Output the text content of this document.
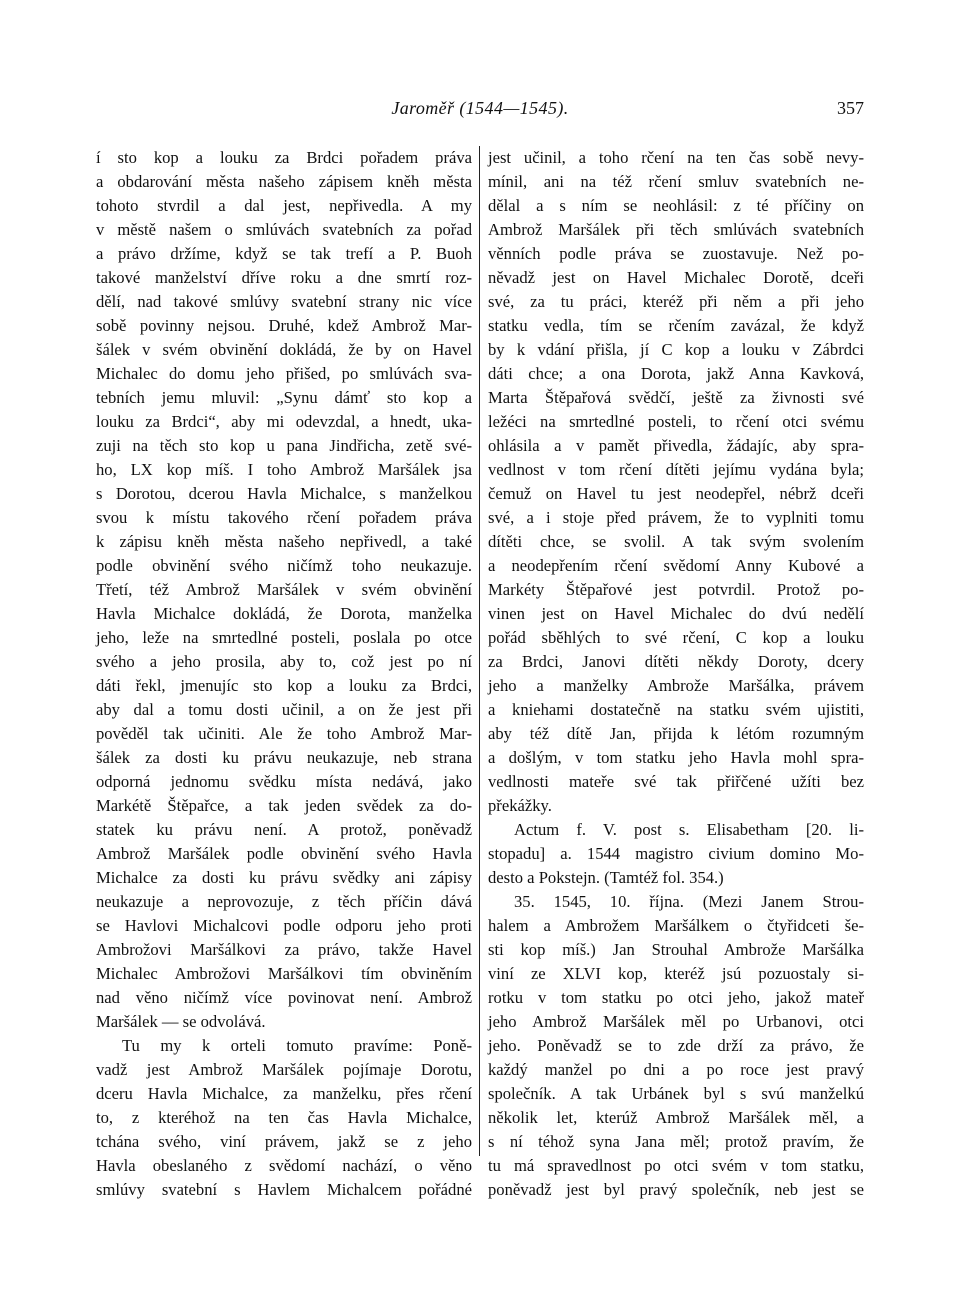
Jaroměř (1544—1545).	357

í sto kop a louku za Brdci pořadem práva

a obdarování města našeho zápisem kněh města

tohoto stvrdil a dal jest, nepřivedla. A my

v městě našem o smlúvách svatebních za pořad

a právo držíme, když se tak trefí a P. Buoh

takové manželství dříve roku a dne smrtí roz-

dělí, nad takové smlúvy svatební strany nic více

sobě povinny nejsou. Druhé, kdež Ambrož Mar-

šálek v svém obvinění dokládá, že by on Havel

Michalec do domu jeho přišed, po smlúvách sva-

tebních jemu mluvil: „Synu dámť sto kop a

louku za Brdci“, aby mi odevzdal, a hnedt, uka-

zuji na těch sto kop u pana Jindřicha, zetě své-

ho, LX kop míš. I toho Ambrož Maršálek jsa

s Dorotou, dcerou Havla Michalce, s manželkou

svou k místu takového rčení pořadem práva

k zápisu kněh města našeho nepřivedl, a také

podle obvinění svého ničímž toho neukazuje.

Třetí, též Ambrož Maršálek v svém obvinění

Havla Michalce dokládá, že Dorota, manželka

jeho, leže na smrtedlné posteli, poslala po otce

svého a jeho prosila, aby to, což jest po ní

dáti řekl, jmenujíc sto kop a louku za Brdci,

aby dal a tomu dosti učinil, a on že jest při

pověděl tak učiniti. Ale že toho Ambrož Mar-

šálek za dosti ku právu neukazuje, neb strana

odporná jednomu svědku místa nedává, jako

Markétě Štěpařce, a tak jeden svědek za do-

statek ku právu není. A protož, poněvadž

Ambrož Maršálek podle obvinění svého Havla

Michalce za dosti ku právu svědky ani zápisy

neukazuje a neprovozuje, z těch příčin dává

se Havlovi Michalcovi podle odporu jeho proti

Ambrožovi Maršálkovi za právo, takže Havel

Michalec Ambrožovi Maršálkovi tím obviněním

nad věno ničímž více povinovat není. Ambrož

Maršálek — se odvolává.

Tu my k orteli tomuto pravíme: Poně-

vadž jest Ambrož Maršálek pojímaje Dorotu,

dceru Havla Michalce, za manželku, přes rčení

to, z kteréhož na ten čas Havla Michalce,

tchána svého, viní právem, jakž se z jeho

Havla obeslaného z svědomí nachází, o věno

smlúvy svatební s Havlem Michalcem pořádné

jest učinil, a toho rčení na ten čas sobě nevy-

mínil, ani na též rčení smluv svatebních ne-

dělal a s ním se neohlásil: z té příčiny on

Ambrož Maršálek při těch smlúvách svatebních

věnních podle práva se zuostavuje. Než po-

něvadž jest on Havel Michalec Dorotě, dceři

své, za tu práci, kteréž při něm a při jeho

statku vedla, tím se rčením zavázal, že když

by k vdání přišla, jí C kop a louku v Zábrdci

dáti chce; a ona Dorota, jakž Anna Kavková,

Marta Štěpařová svědčí, ještě za živnosti své

ležéci na smrtedlné posteli, to rčení otci svému

ohlásila a v pamět přivedla, žádajíc, aby spra-

vedlnost v tom rčení dítěti jejímu vydána byla;

čemuž on Havel tu jest neodepřel, nébrž dceři

své, a i stoje před právem, že to vyplniti tomu

dítěti chce, se svolil. A tak svým svolením

a neodepřením rčení svědomí Anny Kubové a

Markéty Štěpařové jest potvrdil. Protož po-

vinen jest on Havel Michalec do dvú nedělí

pořád sběhlých to své rčení, C kop a louku

za Brdci, Janovi dítěti někdy Doroty, dcery

jeho a manželky Ambrože Maršálka, právem

a kniehami dostatečně na statku svém ujistiti,

aby též dítě Jan, přijda k létóm rozumným

a došlým, v tom statku jeho Havla mohl spra-

vedlnosti mateře své tak přiřčené užíti bez

překážky.

Actum f. V. post s. Elisabetham [20. li-

stopadu] a. 1544 magistro civium domino Mo-

desto a Pokstejn. (Tamtéž fol. 354.)

35. 1545, 10. října. (Mezi Janem Strou-

halem a Ambrožem Maršálkem o čtyřidceti še-

sti kop míš.) Jan Strouhal Ambrože Maršálka

viní ze XLVI kop, kteréž jsú pozuostaly si-

rotku v tom statku po otci jeho, jakož mateř

jeho Ambrož Maršálek měl po Urbanovi, otci

jeho. Poněvadž se to zde drží za právo, že

každý manžel po dni a po roce jest pravý

společník. A tak Urbánek byl s svú manželkú

několik let, kterúž Ambrož Maršálek měl, a

s ní téhož syna Jana měl; protož pravím, že

tu má spravedlnost po otci svém v tom statku,

poněvadž jest byl pravý společník, neb jest se
